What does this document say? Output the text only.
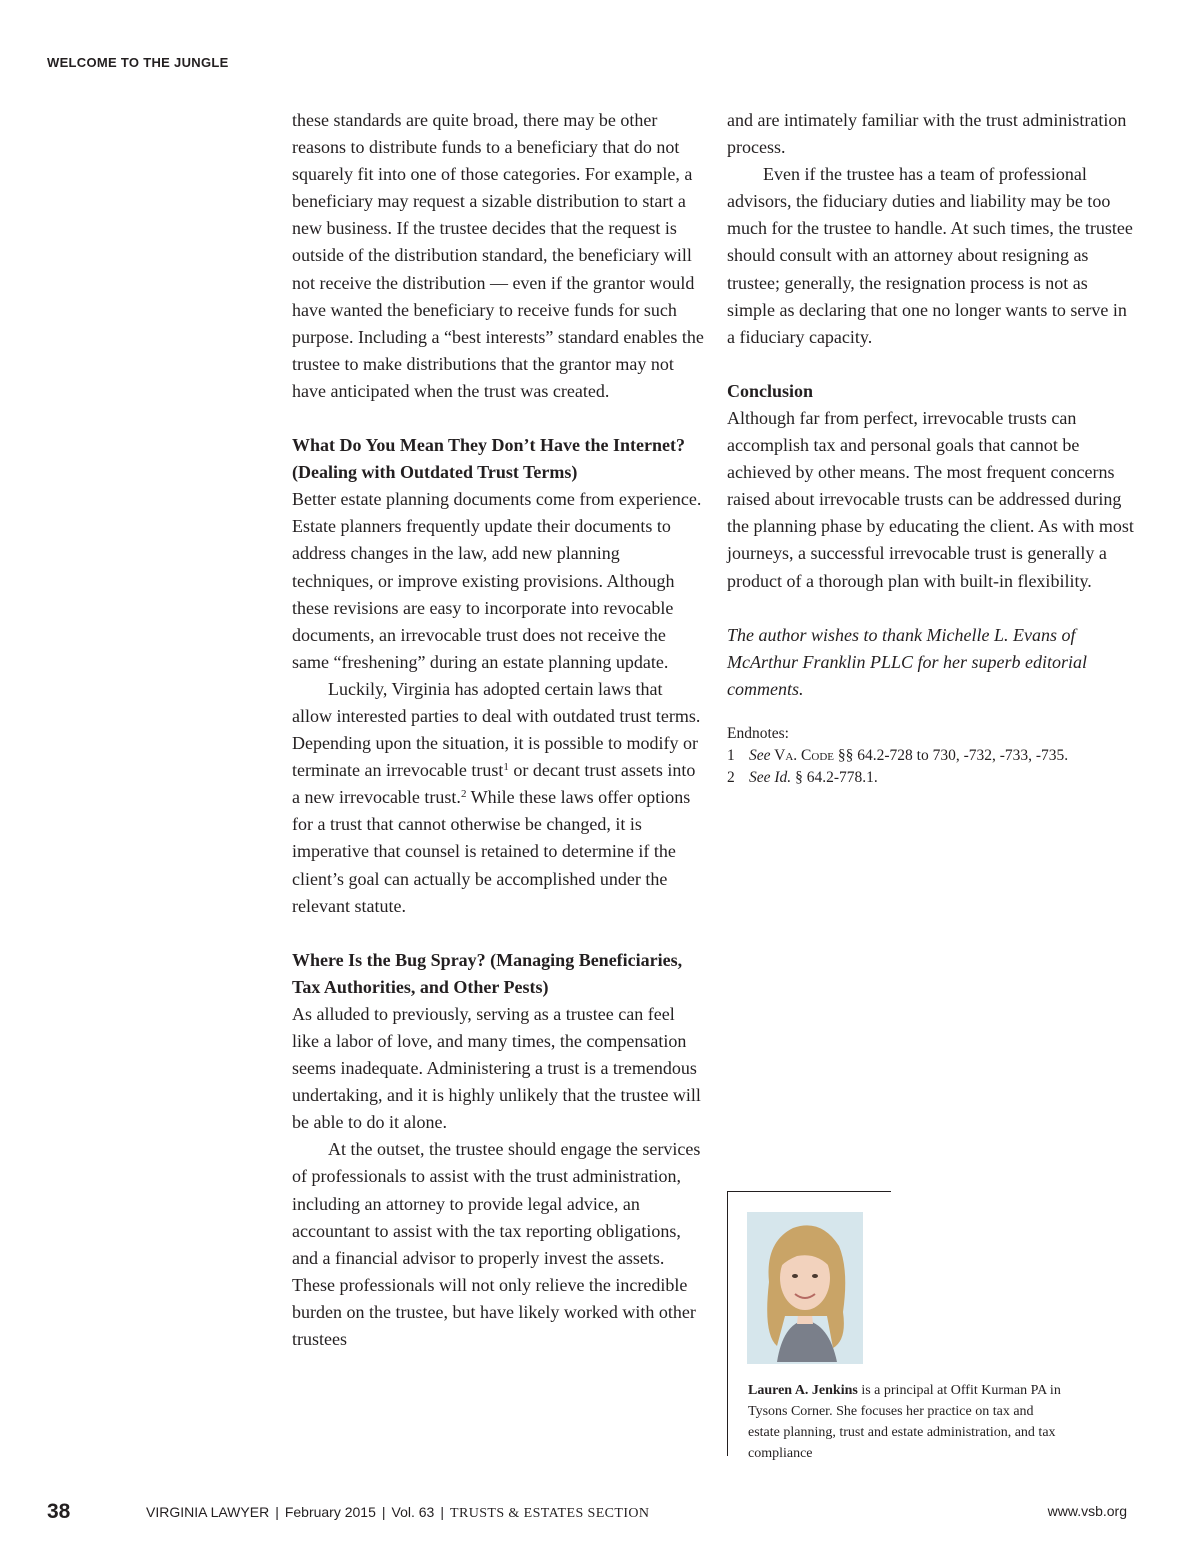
WELCOME TO THE JUNGLE

these standards are quite broad, there may be other reasons to distribute funds to a beneficiary that do not squarely fit into one of those categories. For example, a beneficiary may request a sizable distribution to start a new business. If the trustee decides that the request is outside of the distribution standard, the beneficiary will not receive the distribution — even if the grantor would have wanted the beneficiary to receive funds for such purpose. Including a “best interests” standard enables the trustee to make distributions that the grantor may not have anticipated when the trust was created.

What Do You Mean They Don’t Have the Internet? (Dealing with Outdated Trust Terms)

Better estate planning documents come from experience. Estate planners frequently update their documents to address changes in the law, add new planning techniques, or improve existing provisions. Although these revisions are easy to incorporate into revocable documents, an irrevocable trust does not receive the same “freshening” during an estate planning update.

Luckily, Virginia has adopted certain laws that allow interested parties to deal with outdated trust terms. Depending upon the situation, it is possible to modify or terminate an irrevocable trust$^1$ or decant trust assets into a new irrevocable trust.$^2$ While these laws offer options for a trust that cannot otherwise be changed, it is imperative that counsel is retained to determine if the client’s goal can actually be accomplished under the relevant statute.

Where Is the Bug Spray? (Managing Beneficiaries, Tax Authorities, and Other Pests)

As alluded to previously, serving as a trustee can feel like a labor of love, and many times, the compensation seems inadequate. Administering a trust is a tremendous undertaking, and it is highly unlikely that the trustee will be able to do it alone.

At the outset, the trustee should engage the services of professionals to assist with the trust administration, including an attorney to provide legal advice, an accountant to assist with the tax reporting obligations, and a financial advisor to properly invest the assets. These professionals will not only relieve the incredible burden on the trustee, but have likely worked with other trustees

and are intimately familiar with the trust administration process.

Even if the trustee has a team of professional advisors, the fiduciary duties and liability may be too much for the trustee to handle. At such times, the trustee should consult with an attorney about resigning as trustee; generally, the resignation process is not as simple as declaring that one no longer wants to serve in a fiduciary capacity.

Conclusion

Although far from perfect, irrevocable trusts can accomplish tax and personal goals that cannot be achieved by other means. The most frequent concerns raised about irrevocable trusts can be addressed during the planning phase by educating the client. As with most journeys, a successful irrevocable trust is generally a product of a thorough plan with built-in flexibility.

The author wishes to thank Michelle L. Evans of McArthur Franklin PLLC for her superb editorial comments.

Endnotes:
1 See Va. Code §§ 64.2-728 to 730, -732, -733, -735.
2 See Id. § 64.2-778.1.
Lauren A. Jenkins is a principal at Offit Kurman PA in Tysons Corner. She focuses her practice on tax and estate planning, trust and estate administration, and tax compliance
38	VIRGINIA LAWYER | February 2015 | Vol. 63 | TRUSTS & ESTATES SECTION	www.vsb.org
